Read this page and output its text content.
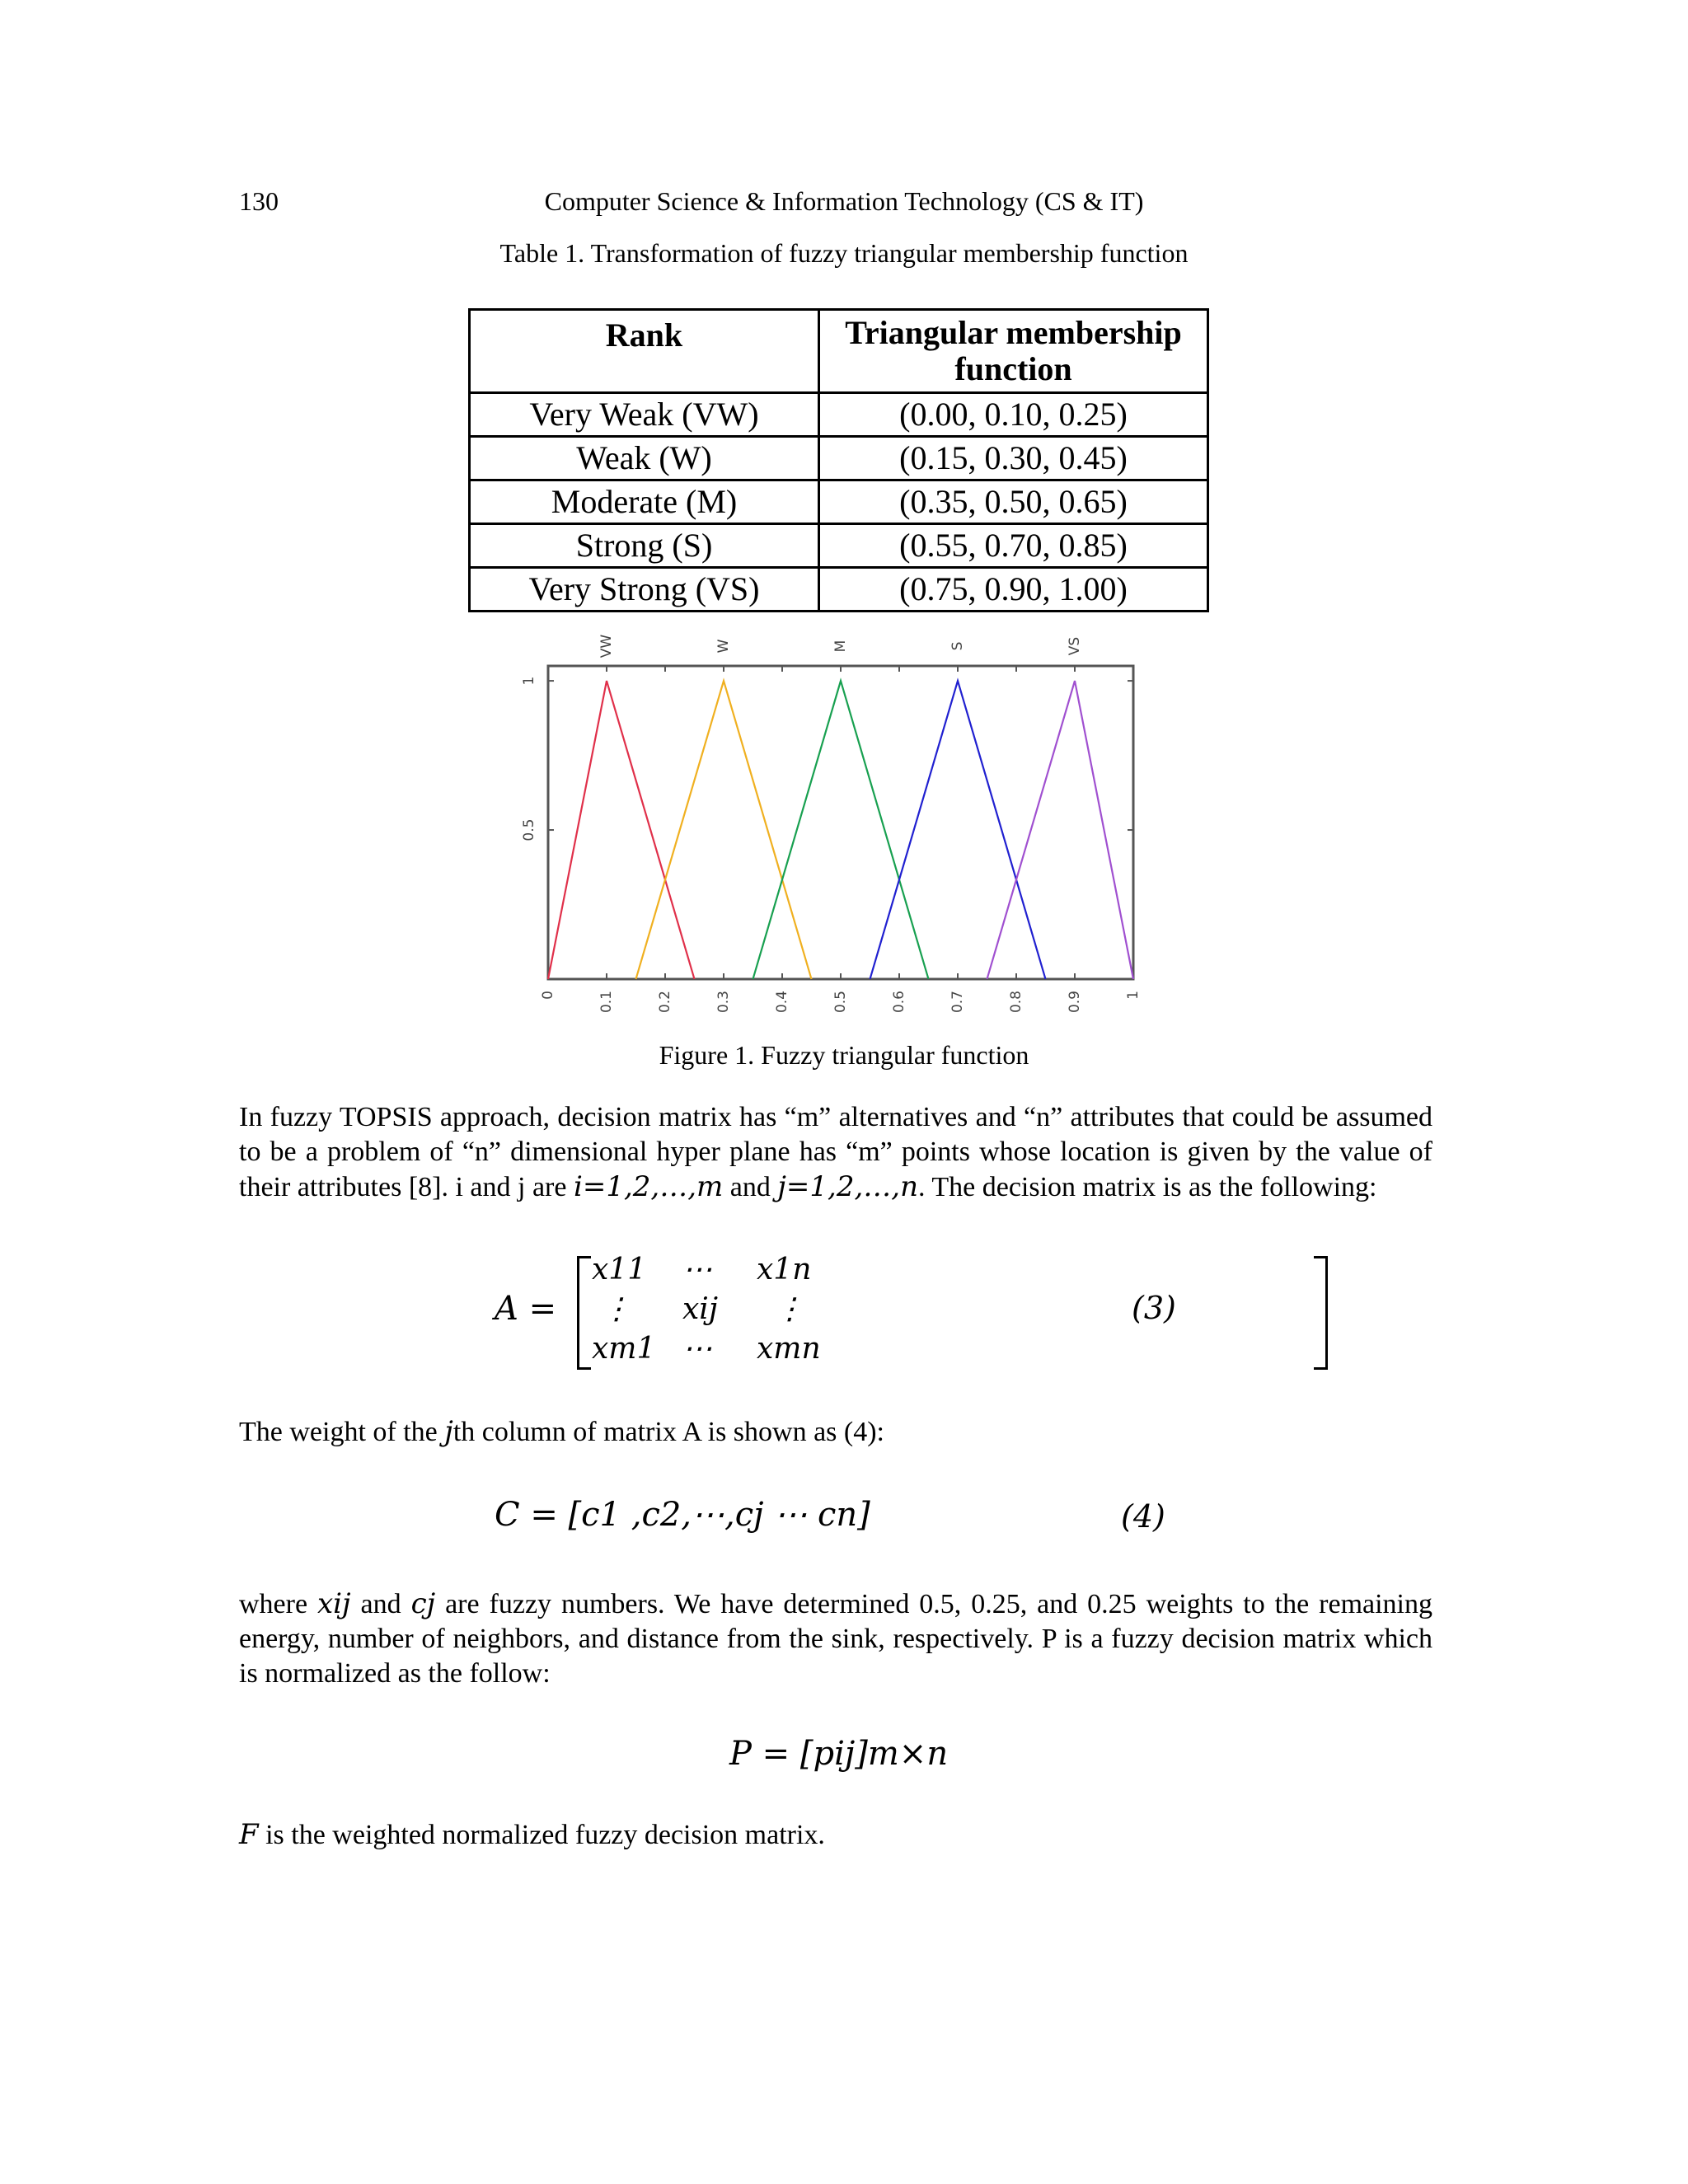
130	Computer Science & Information Technology (CS & IT)
Table 1. Transformation of fuzzy triangular membership function
Rank	Triangular membership function
Very Weak (VW)	(0.00, 0.10, 0.25)
Weak (W)	(0.15, 0.30, 0.45)
Moderate (M)	(0.35, 0.50, 0.65)
Strong (S)	(0.55, 0.70, 0.85)
Very Strong (VS)	(0.75, 0.90, 1.00)
0	0.1	0.2	0.3	0.4	0.5	0.6	0.7	0.8	0.9	1
0.5
1
VW	W	M	S	VS
Figure 1. Fuzzy triangular function
In fuzzy TOPSIS approach, decision matrix has “m” alternatives and “n” attributes that could be assumed to be a problem of “n” dimensional hyper plane has “m” points whose location is given by the value of their attributes [8]. i and j are i=1,2,…,m and j=1,2,…,n. The decision matrix is as the following:
A =
x11 ⋯ x1n
⋮ xij ⋮
xm1 ⋯ xmn
(3)
The weight of the jth column of matrix A is shown as (4):
C = [c1 ,c2,⋯,cj ⋯ cn]	(4)
where xij and cj are fuzzy numbers. We have determined 0.5, 0.25, and 0.25 weights to the remaining energy, number of neighbors, and distance from the sink, respectively. P is a fuzzy decision matrix which is normalized as the follow:
P = [pij]m×n
F is the weighted normalized fuzzy decision matrix.
